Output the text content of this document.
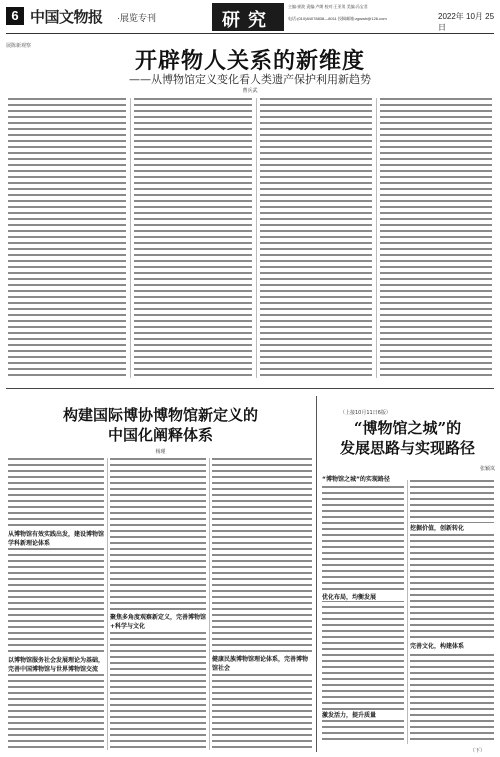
6 中国文物报 ·展览专刊	研究
主编:崔波 责编:卢朗 校对:王亚男 美编:冯宝君
电话:(010)84078838—8011 投稿邮箱:zgwwb@126.com	2022年 10月 25日
展陈新观察
开辟物人关系的新维度
——从博物馆定义变化看人类遗产保护利用新趋势
曹兵武
构建国际博协博物馆新定义的
中国化阐释体系
杨瑾
从博物馆有效实践出发，建设博物馆学科新理论体系
以博物馆服务社会发展理论为基础，完善中国博物馆与世界博物馆交流
聚焦多角度观察新定义，完善博物馆+科学与文化
健康民族博物馆理论体系，完善博物馆社会
（上接10月11日6版）
“博物馆之城”的
发展思路与实现路径
张颖岚
“博物馆之城”的实现路径
优化布局，均衡发展
激发活力，提升质量
挖掘价值，创新转化
完善文化，构建体系
（下）
